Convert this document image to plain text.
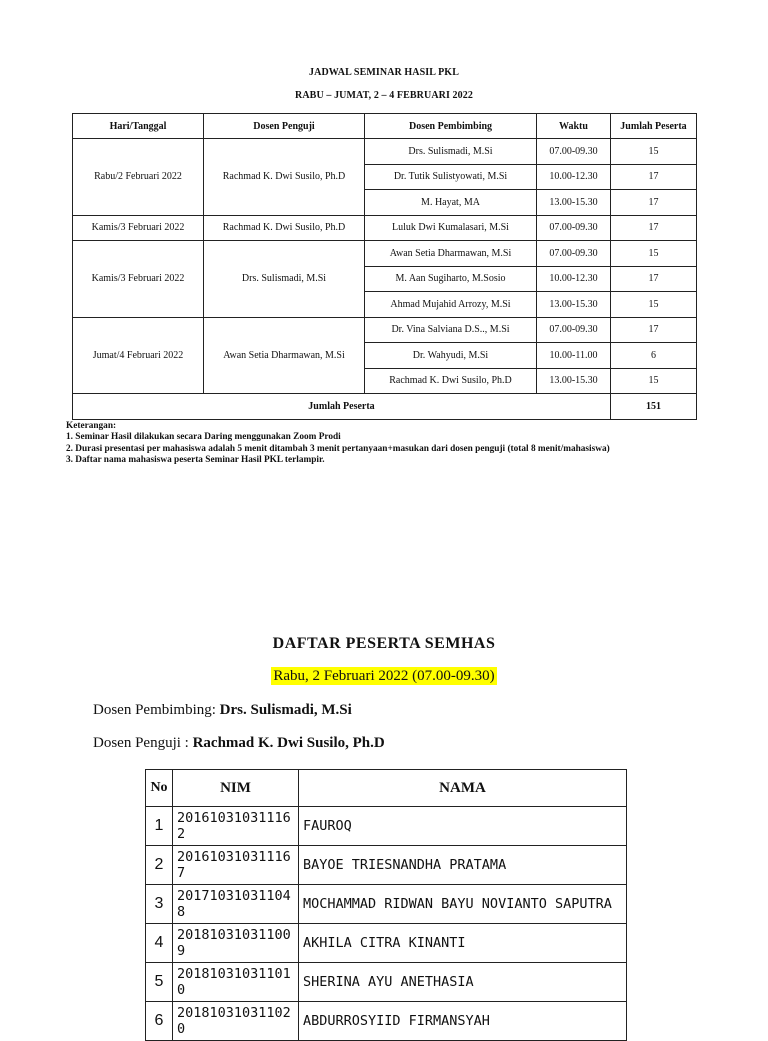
JADWAL SEMINAR HASIL PKL
RABU – JUMAT, 2 – 4 FEBRUARI 2022
Hari/Tanggal	Dosen Penguji	Dosen Pembimbing	Waktu	Jumlah Peserta
Rabu/2 Februari 2022	Rachmad K. Dwi Susilo, Ph.D	Drs. Sulismadi, M.Si	07.00-09.30	15
		Dr. Tutik Sulistyowati, M.Si	10.00-12.30	17
		M. Hayat, MA	13.00-15.30	17
Kamis/3 Februari 2022	Rachmad K. Dwi Susilo, Ph.D	Luluk Dwi Kumalasari, M.Si	07.00-09.30	17
Kamis/3 Februari 2022	Drs. Sulismadi, M.Si	Awan Setia Dharmawan, M.Si	07.00-09.30	15
		M. Aan Sugiharto, M.Sosio	10.00-12.30	17
		Ahmad Mujahid Arrozy, M.Si	13.00-15.30	15
Jumat/4 Februari 2022	Awan Setia Dharmawan, M.Si	Dr. Vina Salviana D.S.., M.Si	07.00-09.30	17
		Dr. Wahyudi, M.Si	10.00-11.00	6
		Rachmad K. Dwi Susilo, Ph.D	13.00-15.30	15
Jumlah Peserta				151
Keterangan:
1. Seminar Hasil dilakukan secara Daring menggunakan Zoom Prodi
2. Durasi presentasi per mahasiswa adalah 5 menit ditambah 3 menit pertanyaan+masukan dari dosen penguji (total 8 menit/mahasiswa)
3. Daftar nama mahasiswa peserta Seminar Hasil PKL terlampir.
DAFTAR PESERTA SEMHAS
Rabu, 2 Februari 2022 (07.00-09.30)
Dosen Pembimbing: Drs. Sulismadi, M.Si
Dosen Penguji : Rachmad K. Dwi Susilo, Ph.D
No	NIM	NAMA
1	201610310311162	FAUROQ
2	201610310311167	BAYOE TRIESNANDHA PRATAMA
3	201710310311048	MOCHAMMAD RIDWAN BAYU NOVIANTO SAPUTRA
4	201810310311009	AKHILA CITRA KINANTI
5	201810310311010	SHERINA AYU ANETHASIA
6	201810310311020	ABDURROSYIID FIRMANSYAH
